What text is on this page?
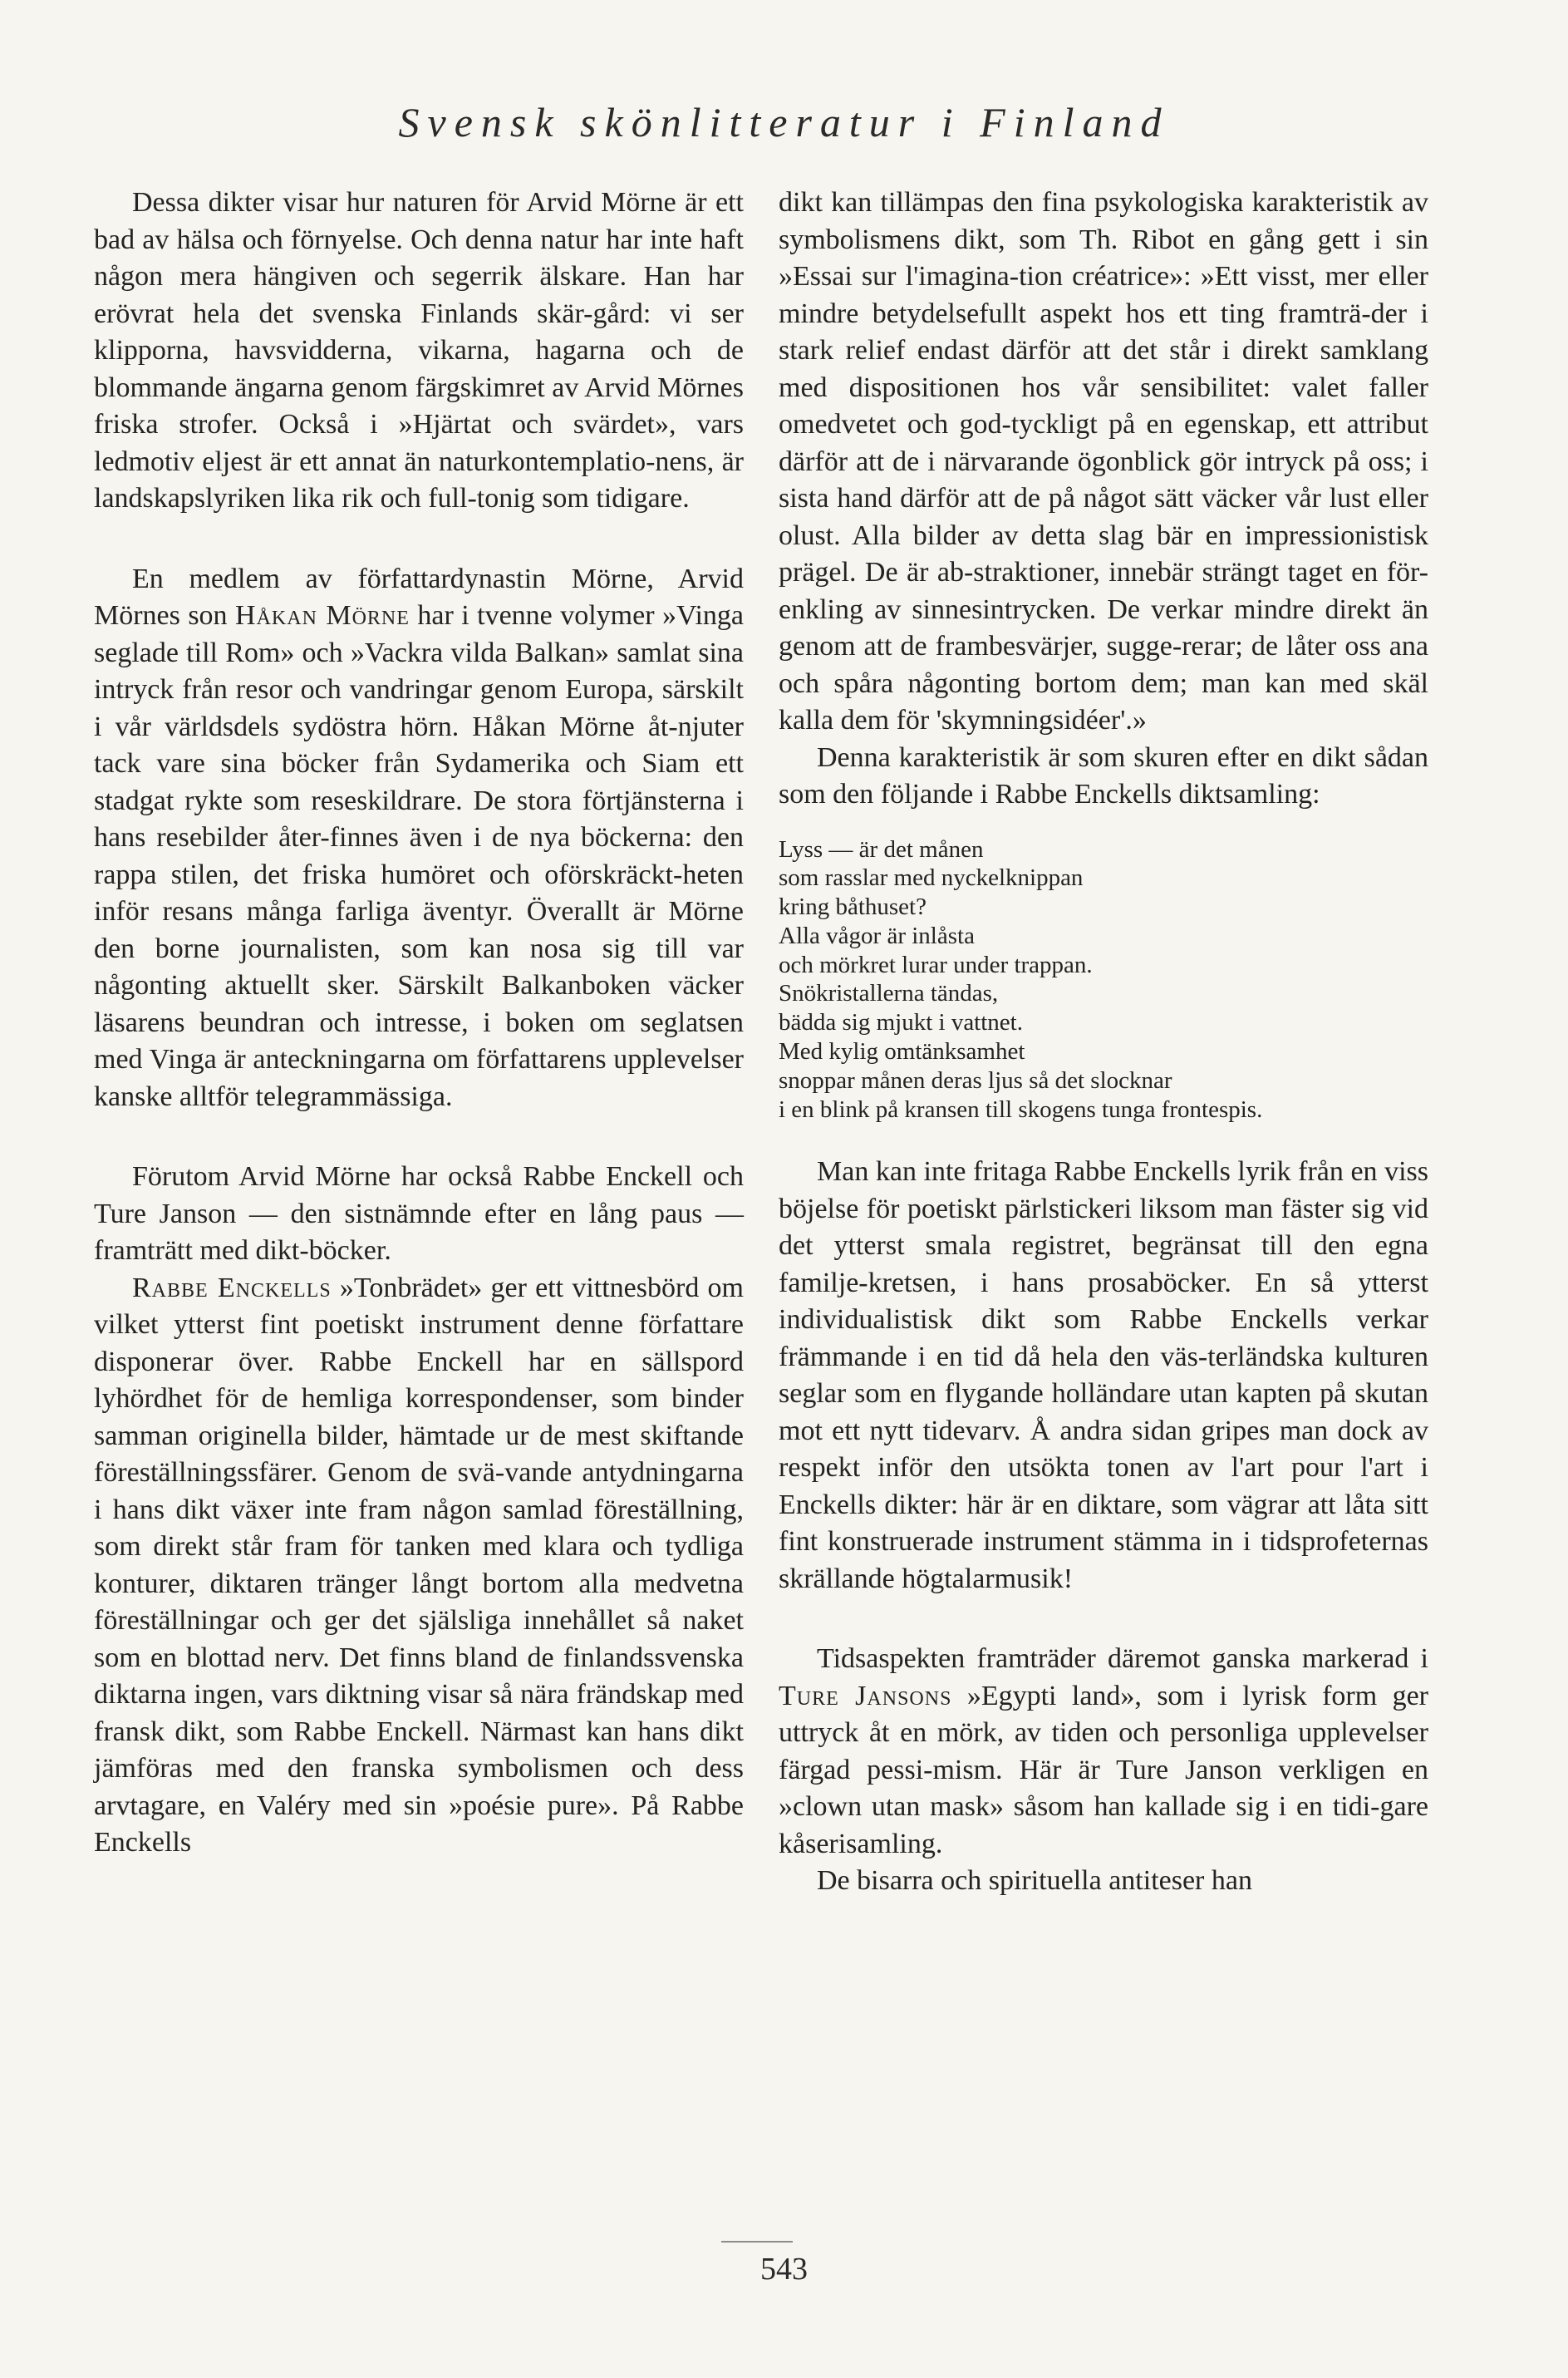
Svensk skönlitteratur i Finland

Dessa dikter visar hur naturen för Arvid Mörne är ett bad av hälsa och förnyelse. Och denna natur har inte haft någon mera hängiven och segerrik älskare. Han har erövrat hela det svenska Finlands skär-gård: vi ser klipporna, havsvidderna, vikarna, hagarna och de blommande ängarna genom färgskimret av Arvid Mörnes friska strofer. Också i »Hjärtat och svärdet», vars ledmotiv eljest är ett annat än naturkontemplatio-nens, är landskapslyriken lika rik och full-tonig som tidigare.

En medlem av författardynastin Mörne, Arvid Mörnes son Håkan Mörne har i tvenne volymer »Vinga seglade till Rom» och »Vackra vilda Balkan» samlat sina intryck från resor och vandringar genom Europa, särskilt i vår världsdels sydöstra hörn. Håkan Mörne åt-njuter tack vare sina böcker från Sydamerika och Siam ett stadgat rykte som reseskildrare. De stora förtjänsterna i hans resebilder åter-finnes även i de nya böckerna: den rappa stilen, det friska humöret och oförskräckt-heten inför resans många farliga äventyr. Överallt är Mörne den borne journalisten, som kan nosa sig till var någonting aktuellt sker. Särskilt Balkanboken väcker läsarens beundran och intresse, i boken om seglatsen med Vinga är anteckningarna om författarens upplevelser kanske alltför telegrammässiga.

Förutom Arvid Mörne har också Rabbe Enckell och Ture Janson — den sistnämnde efter en lång paus — framträtt med dikt-böcker.

Rabbe Enckells »Tonbrädet» ger ett vittnesbörd om vilket ytterst fint poetiskt instrument denne författare disponerar över. Rabbe Enckell har en sällspord lyhördhet för de hemliga korrespondenser, som binder samman originella bilder, hämtade ur de mest skiftande föreställningssfärer. Genom de svä-vande antydningarna i hans dikt växer inte fram någon samlad föreställning, som direkt står fram för tanken med klara och tydliga konturer, diktaren tränger långt bortom alla medvetna föreställningar och ger det själsliga innehållet så naket som en blottad nerv. Det finns bland de finlandssvenska diktarna ingen, vars diktning visar så nära frändskap med fransk dikt, som Rabbe Enckell. Närmast kan hans dikt jämföras med den franska symbolismen och dess arvtagare, en Valéry med sin »poésie pure». På Rabbe Enckells

dikt kan tillämpas den fina psykologiska karakteristik av symbolismens dikt, som Th. Ribot en gång gett i sin »Essai sur l'imagina-tion créatrice»: »Ett visst, mer eller mindre betydelsefullt aspekt hos ett ting framträ-der i stark relief endast därför att det står i direkt samklang med dispositionen hos vår sensibilitet: valet faller omedvetet och god-tyckligt på en egenskap, ett attribut därför att de i närvarande ögonblick gör intryck på oss; i sista hand därför att de på något sätt väcker vår lust eller olust. Alla bilder av detta slag bär en impressionistisk prägel. De är ab-straktioner, innebär strängt taget en för-enkling av sinnesintrycken. De verkar mindre direkt än genom att de frambesvärjer, sugge-rerar; de låter oss ana och spåra någonting bortom dem; man kan med skäl kalla dem för 'skymningsidéer'.»

Denna karakteristik är som skuren efter en dikt sådan som den följande i Rabbe Enckells diktsamling:

Lyss — är det månen
som rasslar med nyckelknippan
kring båthuset?
Alla vågor är inlåsta
och mörkret lurar under trappan.
Snökristallerna tändas,
bädda sig mjukt i vattnet.
Med kylig omtänksamhet
snoppar månen deras ljus så det slocknar
i en blink på kransen till skogens tunga frontespis.

Man kan inte fritaga Rabbe Enckells lyrik från en viss böjelse för poetiskt pärlstickeri liksom man fäster sig vid det ytterst smala registret, begränsat till den egna familje-kretsen, i hans prosaböcker. En så ytterst individualistisk dikt som Rabbe Enckells verkar främmande i en tid då hela den väs-terländska kulturen seglar som en flygande holländare utan kapten på skutan mot ett nytt tidevarv. Å andra sidan gripes man dock av respekt inför den utsökta tonen av l'art pour l'art i Enckells dikter: här är en diktare, som vägrar att låta sitt fint konstruerade instrument stämma in i tidsprofeternas skrällande högtalarmusik!

Tidsaspekten framträder däremot ganska markerad i Ture Jansons »Egypti land», som i lyrisk form ger uttryck åt en mörk, av tiden och personliga upplevelser färgad pessi-mism. Här är Ture Janson verkligen en »clown utan mask» såsom han kallade sig i en tidi-gare kåserisamling.

De bisarra och spirituella antiteser han

543
